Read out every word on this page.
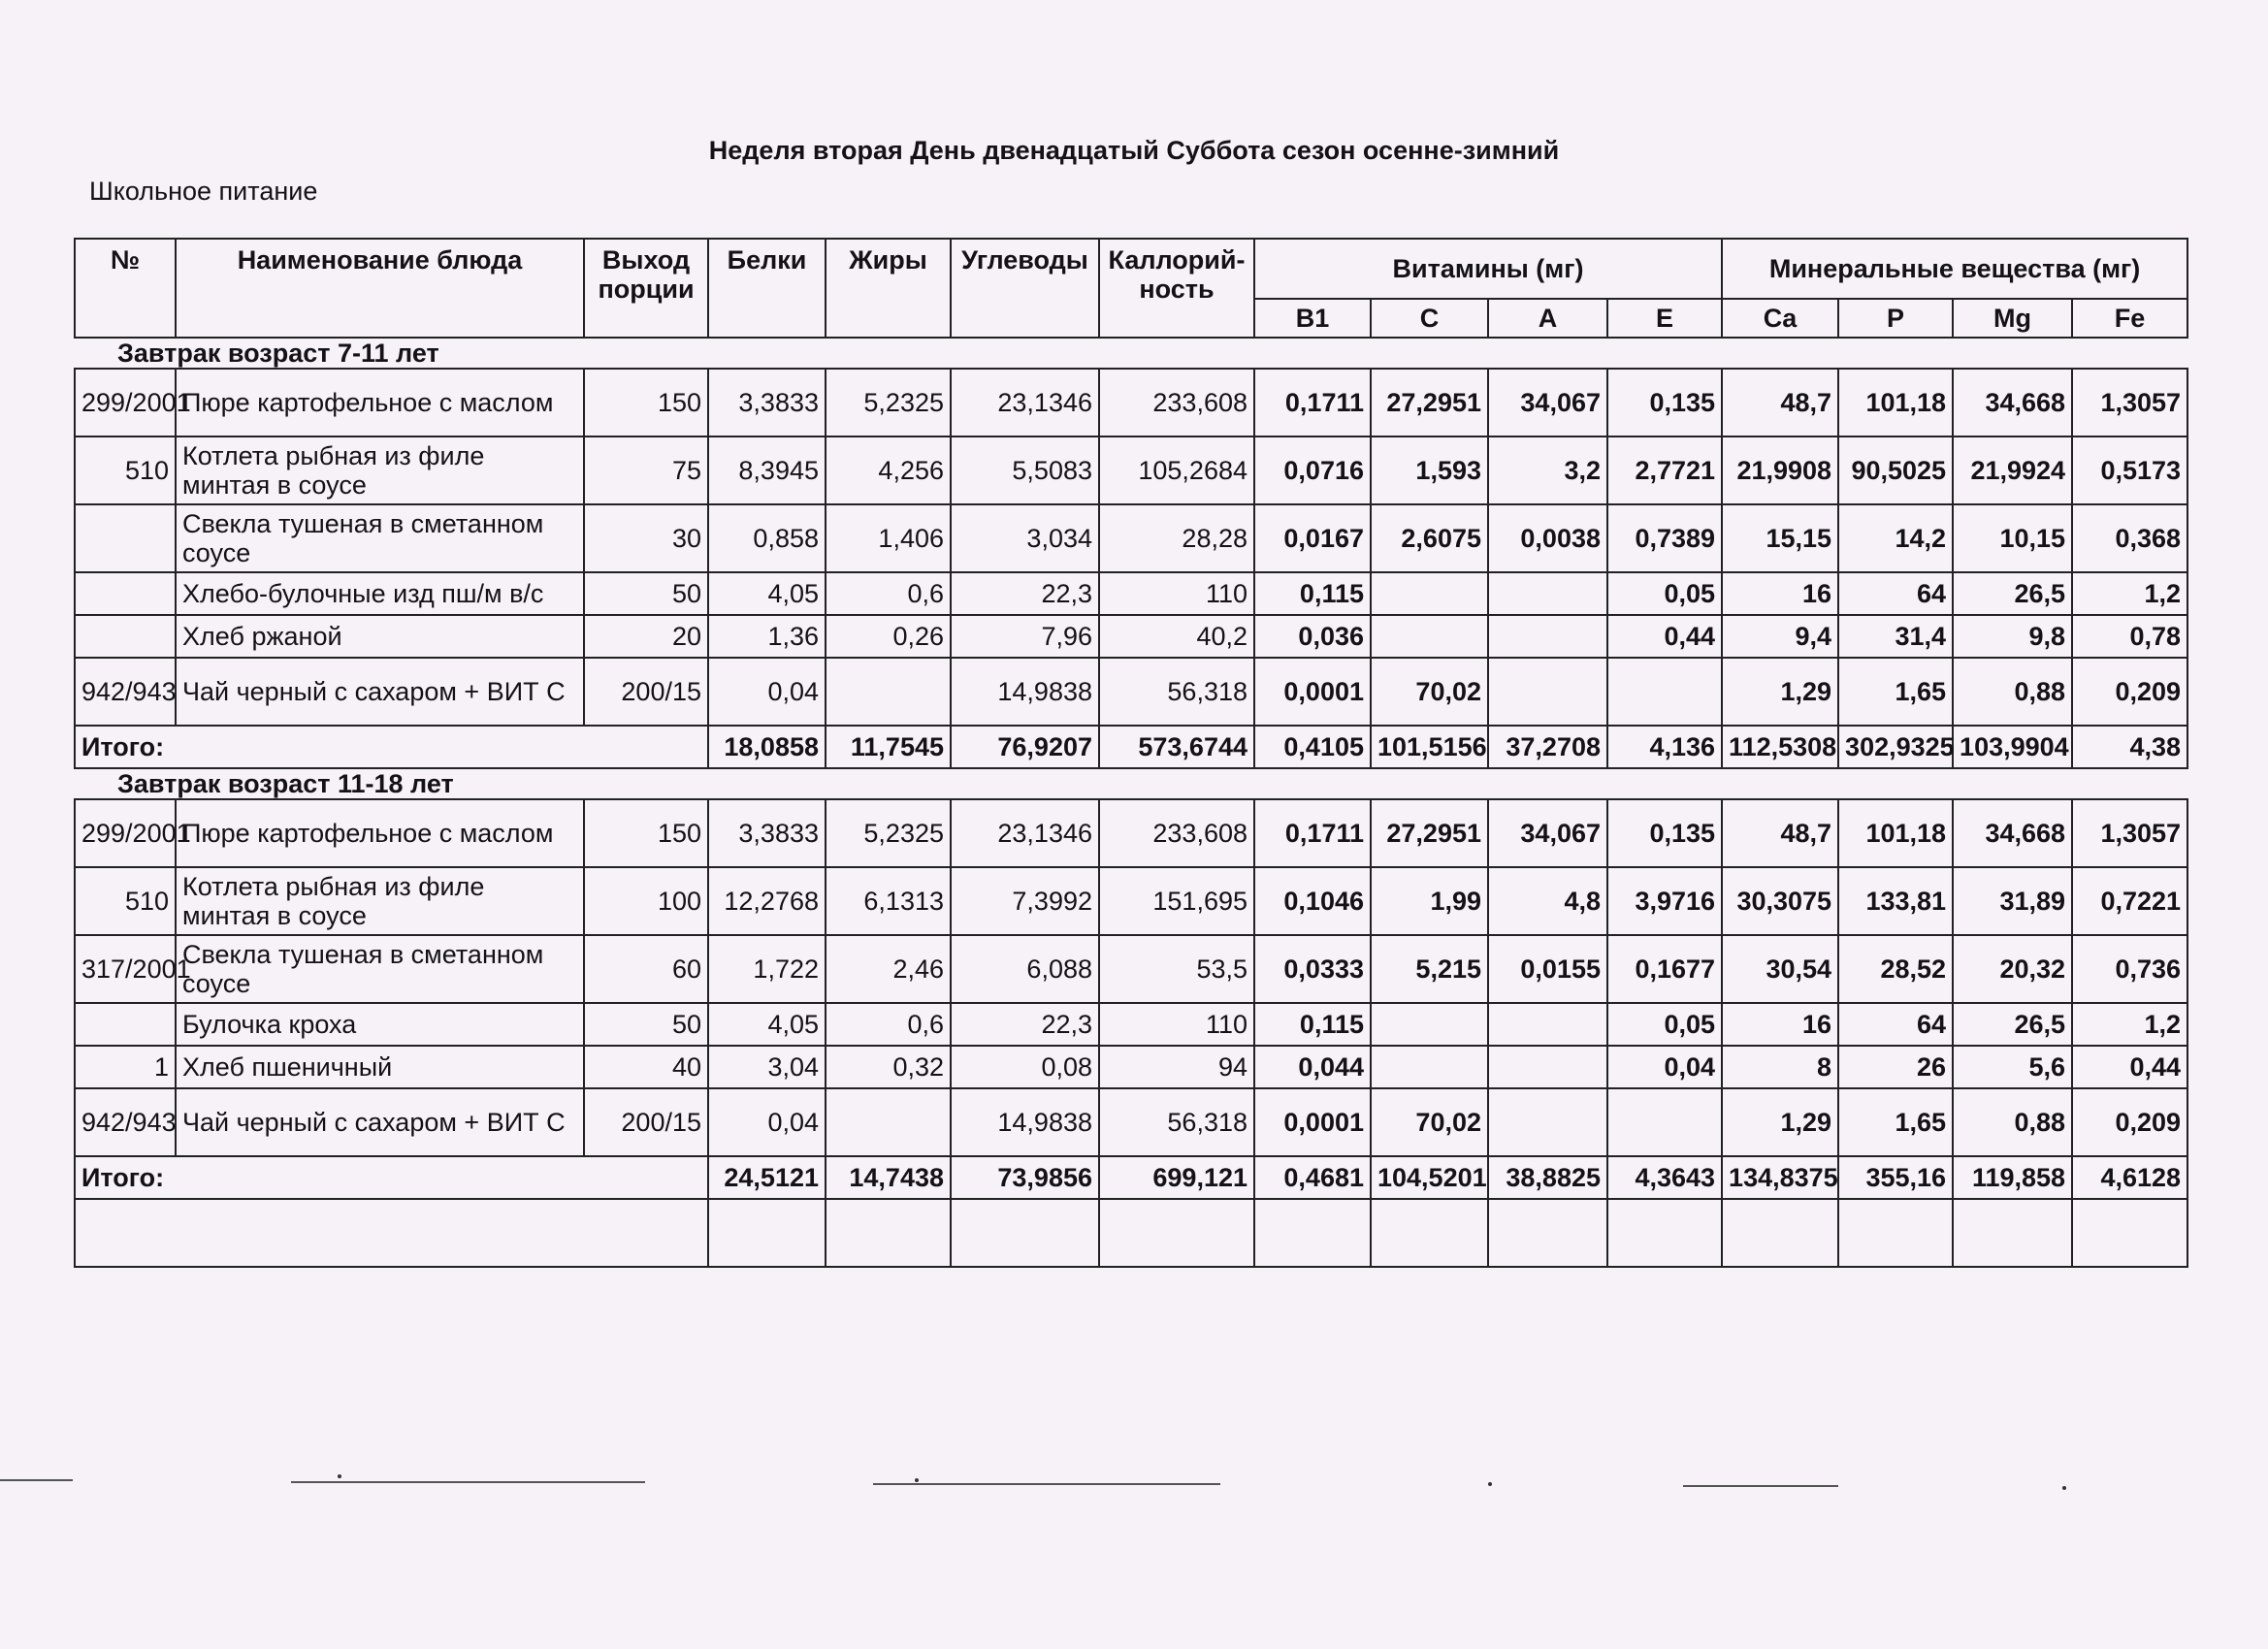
Неделя вторая День двенадцатый Суббота сезон осенне-зимний
Школьное питание
№	Наименование блюда	Выход порции	Белки	Жиры	Углеводы	Каллорий-ность	Витамины (мг)				Минеральные вещества (мг)			
							B1	C	A	E	Ca	P	Mg	Fe
Завтрак возраст 7-11 лет														
299/2001	Пюре картофельное с маслом	150	3,3833	5,2325	23,1346	233,608	0,1711	27,2951	34,067	0,135	48,7	101,18	34,668	1,3057
510	Котлета рыбная из филе минтая в соусе	75	8,3945	4,256	5,5083	105,2684	0,0716	1,593	3,2	2,7721	21,9908	90,5025	21,9924	0,5173
	Свекла тушеная в сметанном соусе	30	0,858	1,406	3,034	28,28	0,0167	2,6075	0,0038	0,7389	15,15	14,2	10,15	0,368
	Хлебо-булочные изд пш/м в/с	50	4,05	0,6	22,3	110	0,115			0,05	16	64	26,5	1,2
	Хлеб ржаной	20	1,36	0,26	7,96	40,2	0,036			0,44	9,4	31,4	9,8	0,78
942/943	Чай черный с сахаром + ВИТ С	200/15	0,04		14,9838	56,318	0,0001	70,02			1,29	1,65	0,88	0,209
Итого:			18,0858	11,7545	76,9207	573,6744	0,4105	101,5156	37,2708	4,136	112,5308	302,9325	103,9904	4,38
Завтрак возраст 11-18 лет														
299/2001	Пюре картофельное с маслом	150	3,3833	5,2325	23,1346	233,608	0,1711	27,2951	34,067	0,135	48,7	101,18	34,668	1,3057
510	Котлета рыбная из филе минтая в соусе	100	12,2768	6,1313	7,3992	151,695	0,1046	1,99	4,8	3,9716	30,3075	133,81	31,89	0,7221
317/2001	Свекла тушеная в сметанном соусе	60	1,722	2,46	6,088	53,5	0,0333	5,215	0,0155	0,1677	30,54	28,52	20,32	0,736
	Булочка кроха	50	4,05	0,6	22,3	110	0,115			0,05	16	64	26,5	1,2
1	Хлеб пшеничный	40	3,04	0,32	0,08	94	0,044			0,04	8	26	5,6	0,44
942/943	Чай черный с сахаром + ВИТ С	200/15	0,04		14,9838	56,318	0,0001	70,02			1,29	1,65	0,88	0,209
Итого:			24,5121	14,7438	73,9856	699,121	0,4681	104,5201	38,8825	4,3643	134,8375	355,16	119,858	4,6128
